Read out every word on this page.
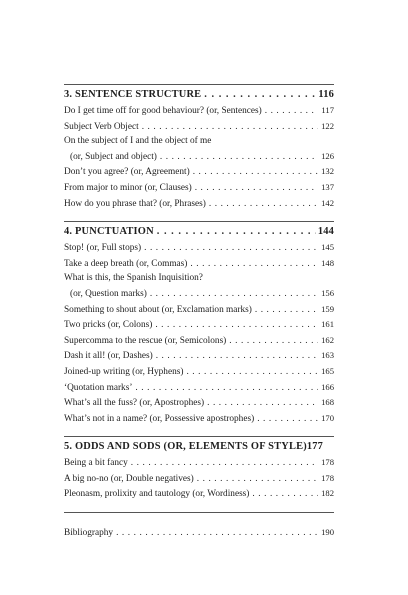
3. SENTENCE STRUCTURE . . .	116
Do I get time off for good behaviour? (or, Sentences) . . .	117
Subject Verb Object . . .	122
On the subject of I and the object of me
(or, Subject and object) . . .	126
Don’t you agree? (or, Agreement) . . .	132
From major to minor (or, Clauses) . . .	137
How do you phrase that? (or, Phrases) . . .	142
4. PUNCTUATION . . .	144
Stop! (or, Full stops) . . .	145
Take a deep breath (or, Commas) . . .	148
What is this, the Spanish Inquisition?
(or, Question marks) . . .	156
Something to shout about (or, Exclamation marks) . . .	159
Two pricks (or, Colons) . . .	161
Supercomma to the rescue (or, Semicolons) . . .	162
Dash it all! (or, Dashes) . . .	163
Joined-up writing (or, Hyphens) . . .	165
‘Quotation marks’ . . .	166
What’s all the fuss? (or, Apostrophes) . . .	168
What’s not in a name? (or, Possessive apostrophes) . . .	170
5. ODDS AND SODS (OR, ELEMENTS OF STYLE) 177
Being a bit fancy . . .	178
A big no-no (or, Double negatives) . . .	178
Pleonasm, prolixity and tautology (or, Wordiness) . . .	182
Bibliography . . .	190
